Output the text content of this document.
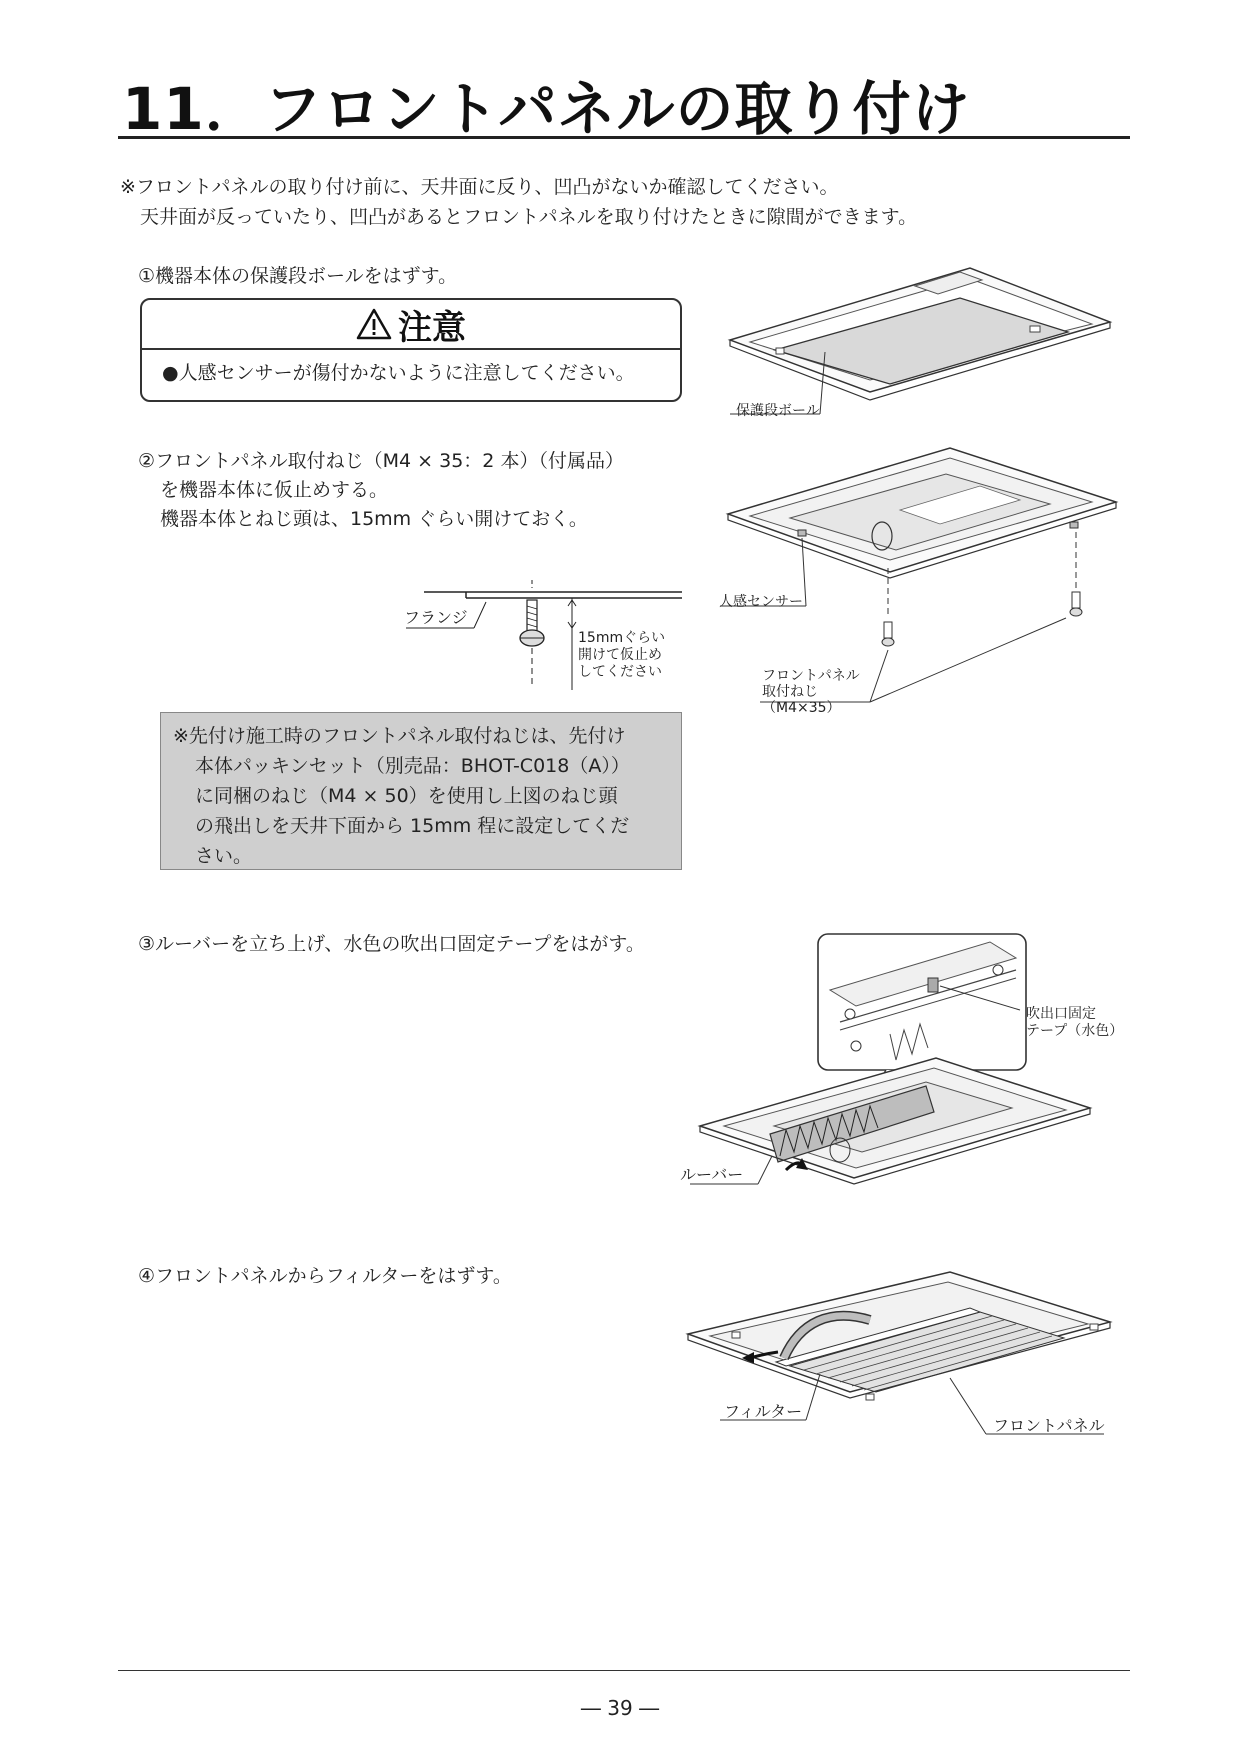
11．フロントパネルの取り付け
※フロントパネルの取り付け前に、天井面に反り、凹凸がないか確認してください。
天井面が反っていたり、凹凸があるとフロントパネルを取り付けたときに隙間ができます。
①機器本体の保護段ボールをはずす。
注意
●人感センサーが傷付かないように注意してください。
保護段ボール
②フロントパネル取付ねじ（M4 × 35：2 本）（付属品）
を機器本体に仮止めする。
機器本体とねじ頭は、15mm ぐらい開けておく。
フランジ
15mmぐらい
開けて仮止め
してください
人感センサー
フロントパネル
取付ねじ
（M4×35）
※先付け施工時のフロントパネル取付ねじは、先付け
本体パッキンセット（別売品：BHOT-C018（A））
に同梱のねじ（M4 × 50）を使用し上図のねじ頭
の飛出しを天井下面から 15mm 程に設定してくだ
さい。
③ルーバーを立ち上げ、水色の吹出口固定テープをはがす。
吹出口固定
テープ（水色）
ルーバー
④フロントパネルからフィルターをはずす。
フィルター
フロントパネル
― 39 ―
